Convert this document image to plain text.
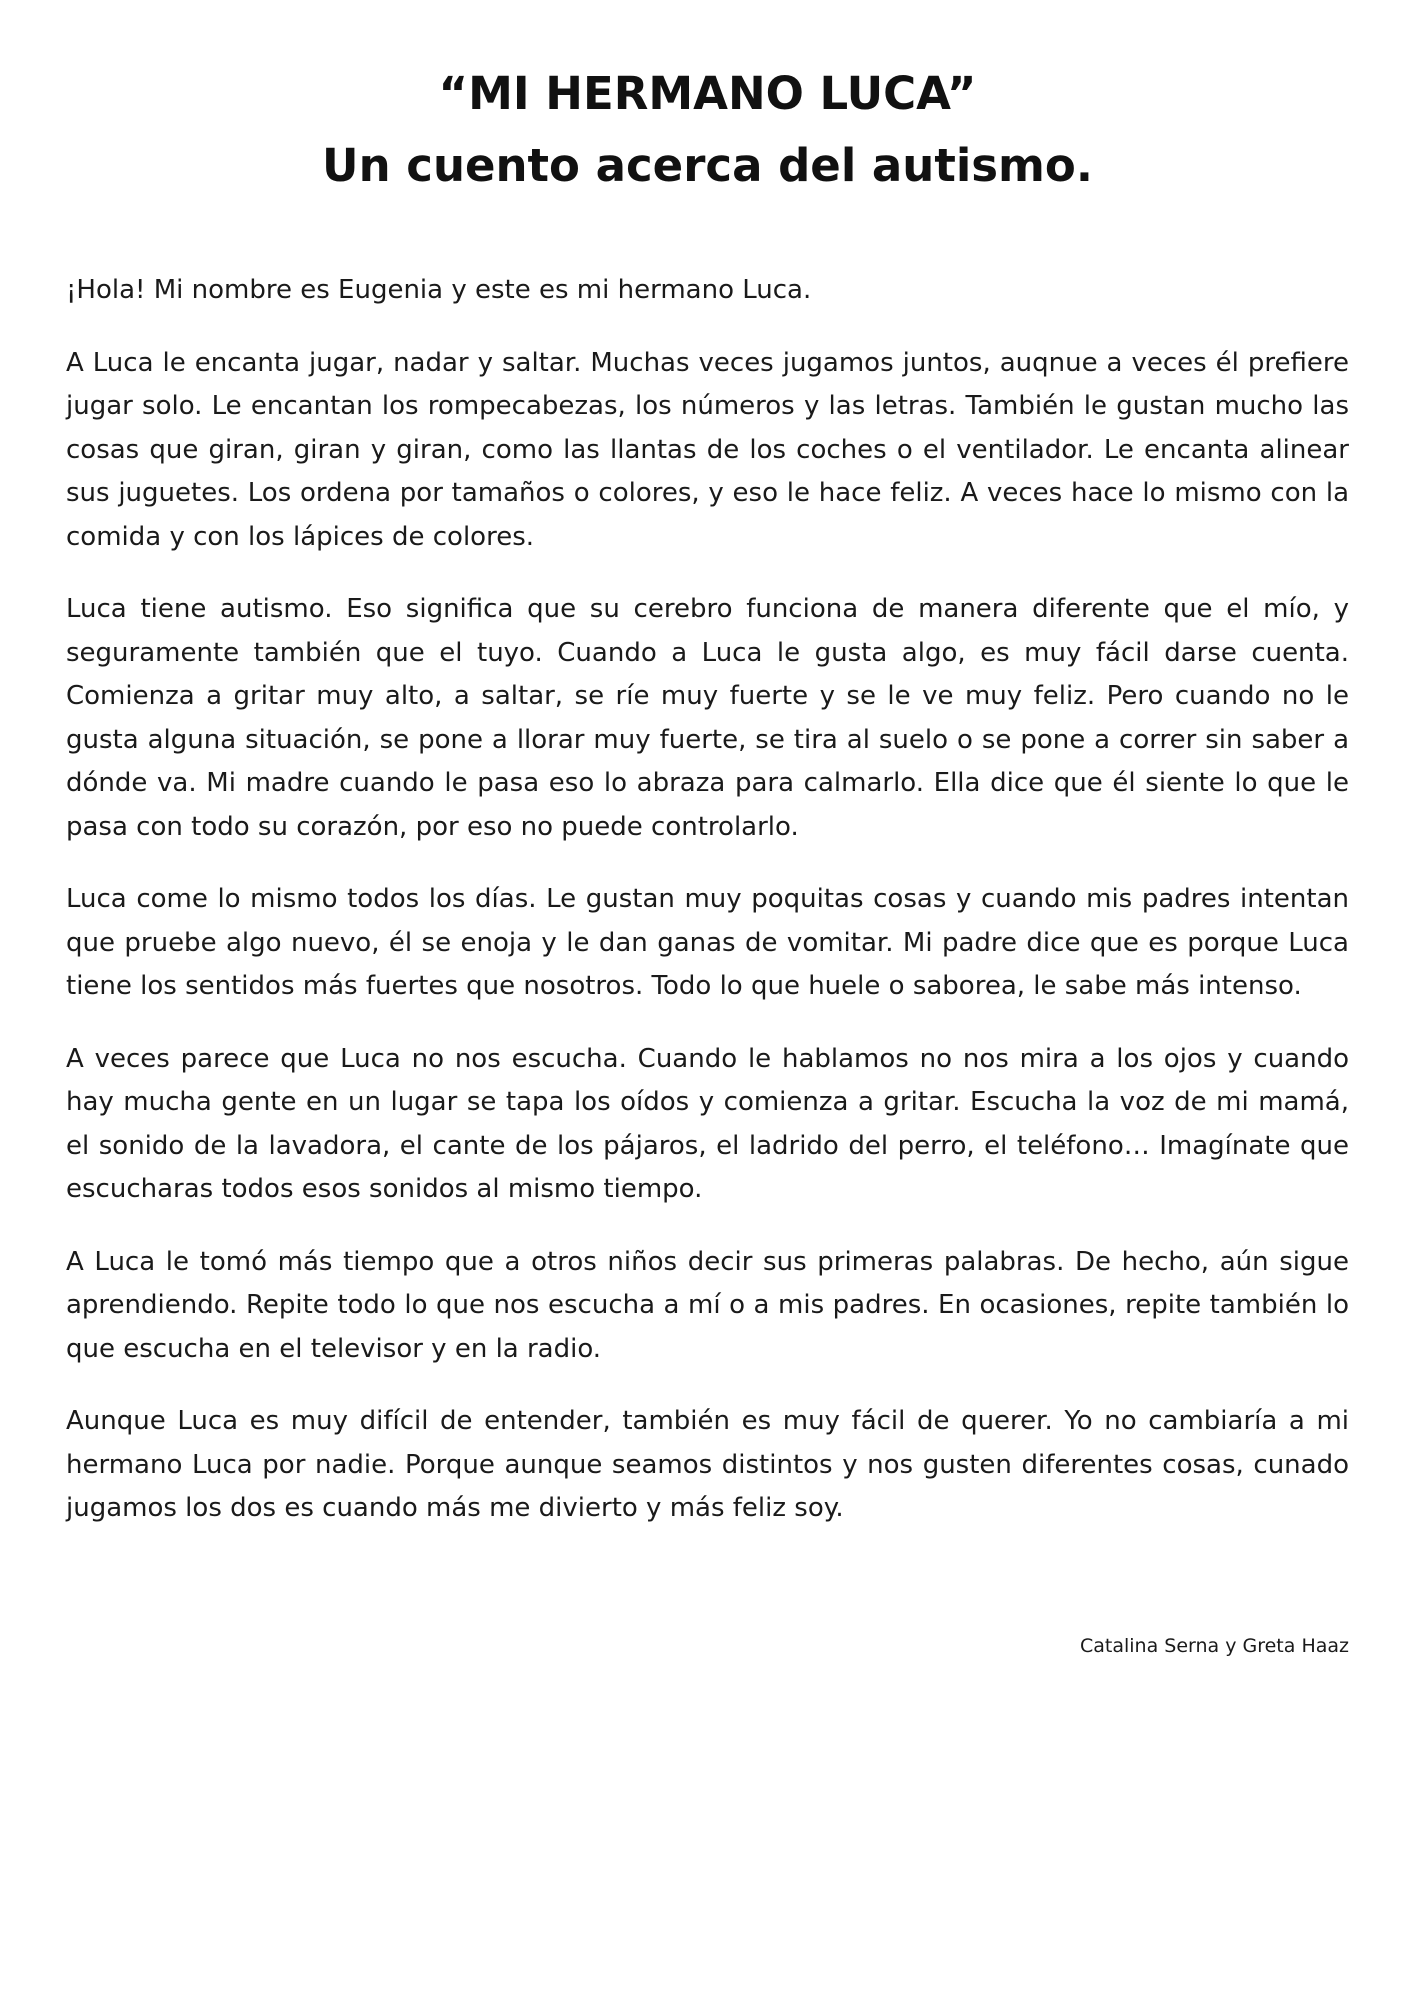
“MI HERMANO LUCA”
Un cuento acerca del autismo.

¡Hola! Mi nombre es Eugenia y este es mi hermano Luca.

A Luca le encanta jugar, nadar y saltar. Muchas veces jugamos juntos, auqnue a veces él prefiere jugar solo. Le encantan los rompecabezas, los números y las letras. También le gustan mucho las cosas que giran, giran y giran, como las llantas de los coches o el ventilador. Le encanta alinear sus juguetes. Los ordena por tamaños o colores, y eso le hace feliz. A veces hace lo mismo con la comida y con los lápices de colores.

Luca tiene autismo. Eso significa que su cerebro funciona de manera diferente que el mío, y seguramente también que el tuyo. Cuando a Luca le gusta algo, es muy fácil darse cuenta. Comienza a gritar muy alto, a saltar, se ríe muy fuerte y se le ve muy feliz. Pero cuando no le gusta alguna situación, se pone a llorar muy fuerte, se tira al suelo o se pone a correr sin saber a dónde va. Mi madre cuando le pasa eso lo abraza para calmarlo. Ella dice que él siente lo que le pasa con todo su corazón, por eso no puede controlarlo.

Luca come lo mismo todos los días. Le gustan muy poquitas cosas y cuando mis padres intentan que pruebe algo nuevo, él se enoja y le dan ganas de vomitar. Mi padre dice que es porque Luca tiene los sentidos más fuertes que nosotros. Todo lo que huele o saborea, le sabe más intenso.

A veces parece que Luca no nos escucha. Cuando le hablamos no nos mira a los ojos y cuando hay mucha gente en un lugar se tapa los oídos y comienza a gritar. Escucha la voz de mi mamá, el sonido de la lavadora, el cante de los pájaros, el ladrido del perro, el teléfono… Imagínate que escucharas todos esos sonidos al mismo tiempo.

A Luca le tomó más tiempo que a otros niños decir sus primeras palabras. De hecho, aún sigue aprendiendo. Repite todo lo que nos escucha a mí o a mis padres. En ocasiones, repite también lo que escucha en el televisor y en la radio.

Aunque Luca es muy difícil de entender, también es muy fácil de querer. Yo no cambiaría a mi hermano Luca por nadie. Porque aunque seamos distintos y nos gusten diferentes cosas, cunado jugamos los dos es cuando más me divierto y más feliz soy.

Catalina Serna y Greta Haaz
